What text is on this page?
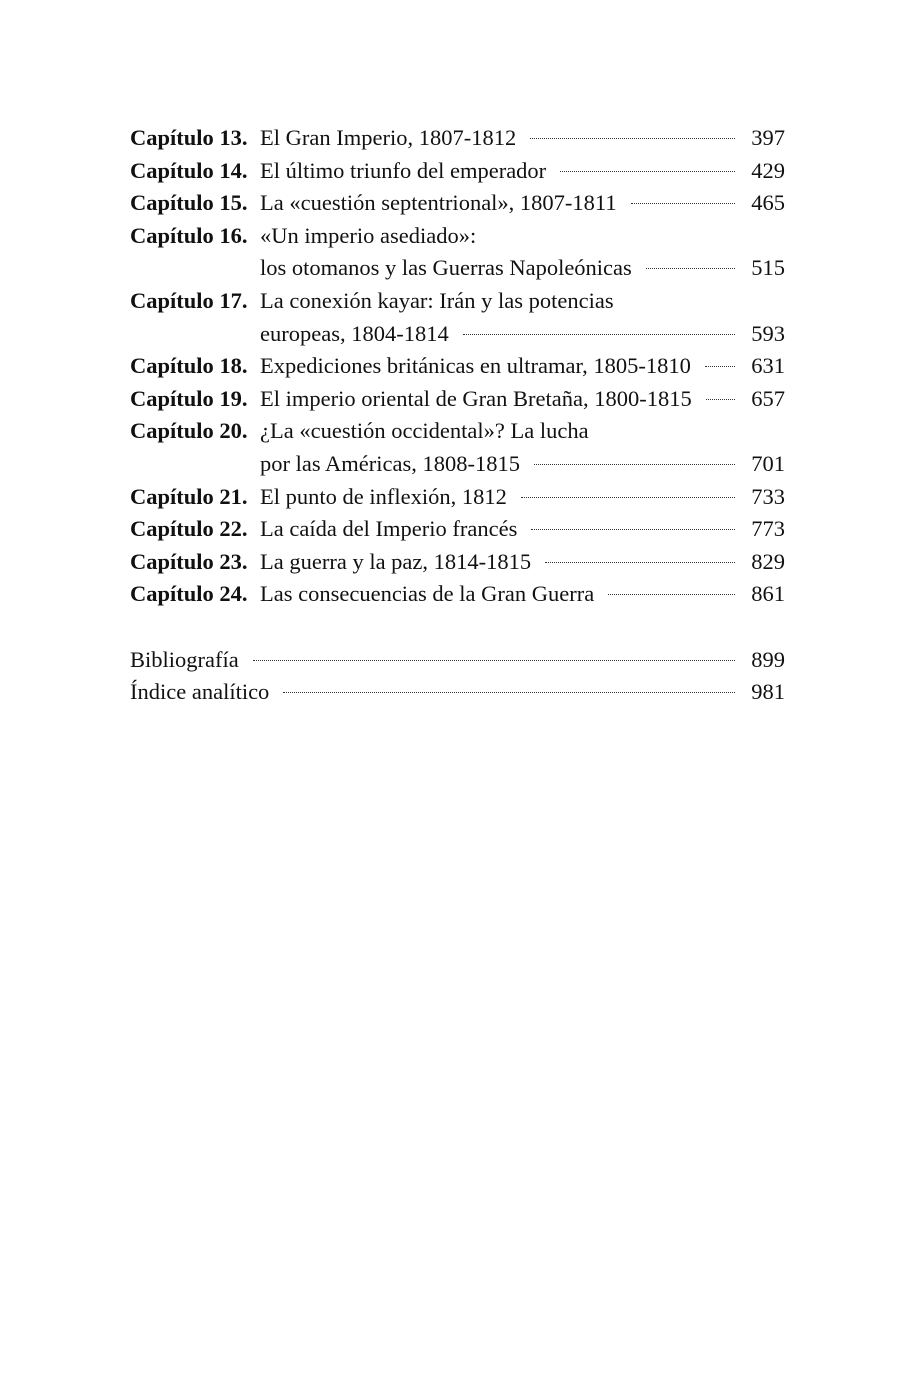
Capítulo 13. El Gran Imperio, 1807-1812	397
Capítulo 14. El último triunfo del emperador	429
Capítulo 15. La «cuestión septentrional», 1807-1811	465
Capítulo 16. «Un imperio asediado»:
los otomanos y las Guerras Napoleónicas	515
Capítulo 17. La conexión kayar: Irán y las potencias
europeas, 1804-1814	593
Capítulo 18. Expediciones británicas en ultramar, 1805-1810	631
Capítulo 19. El imperio oriental de Gran Bretaña, 1800-1815	657
Capítulo 20. ¿La «cuestión occidental»? La lucha
por las Américas, 1808-1815	701
Capítulo 21. El punto de inflexión, 1812	733
Capítulo 22. La caída del Imperio francés	773
Capítulo 23. La guerra y la paz, 1814-1815	829
Capítulo 24. Las consecuencias de la Gran Guerra	861
Bibliografía	899
Índice analítico	981
